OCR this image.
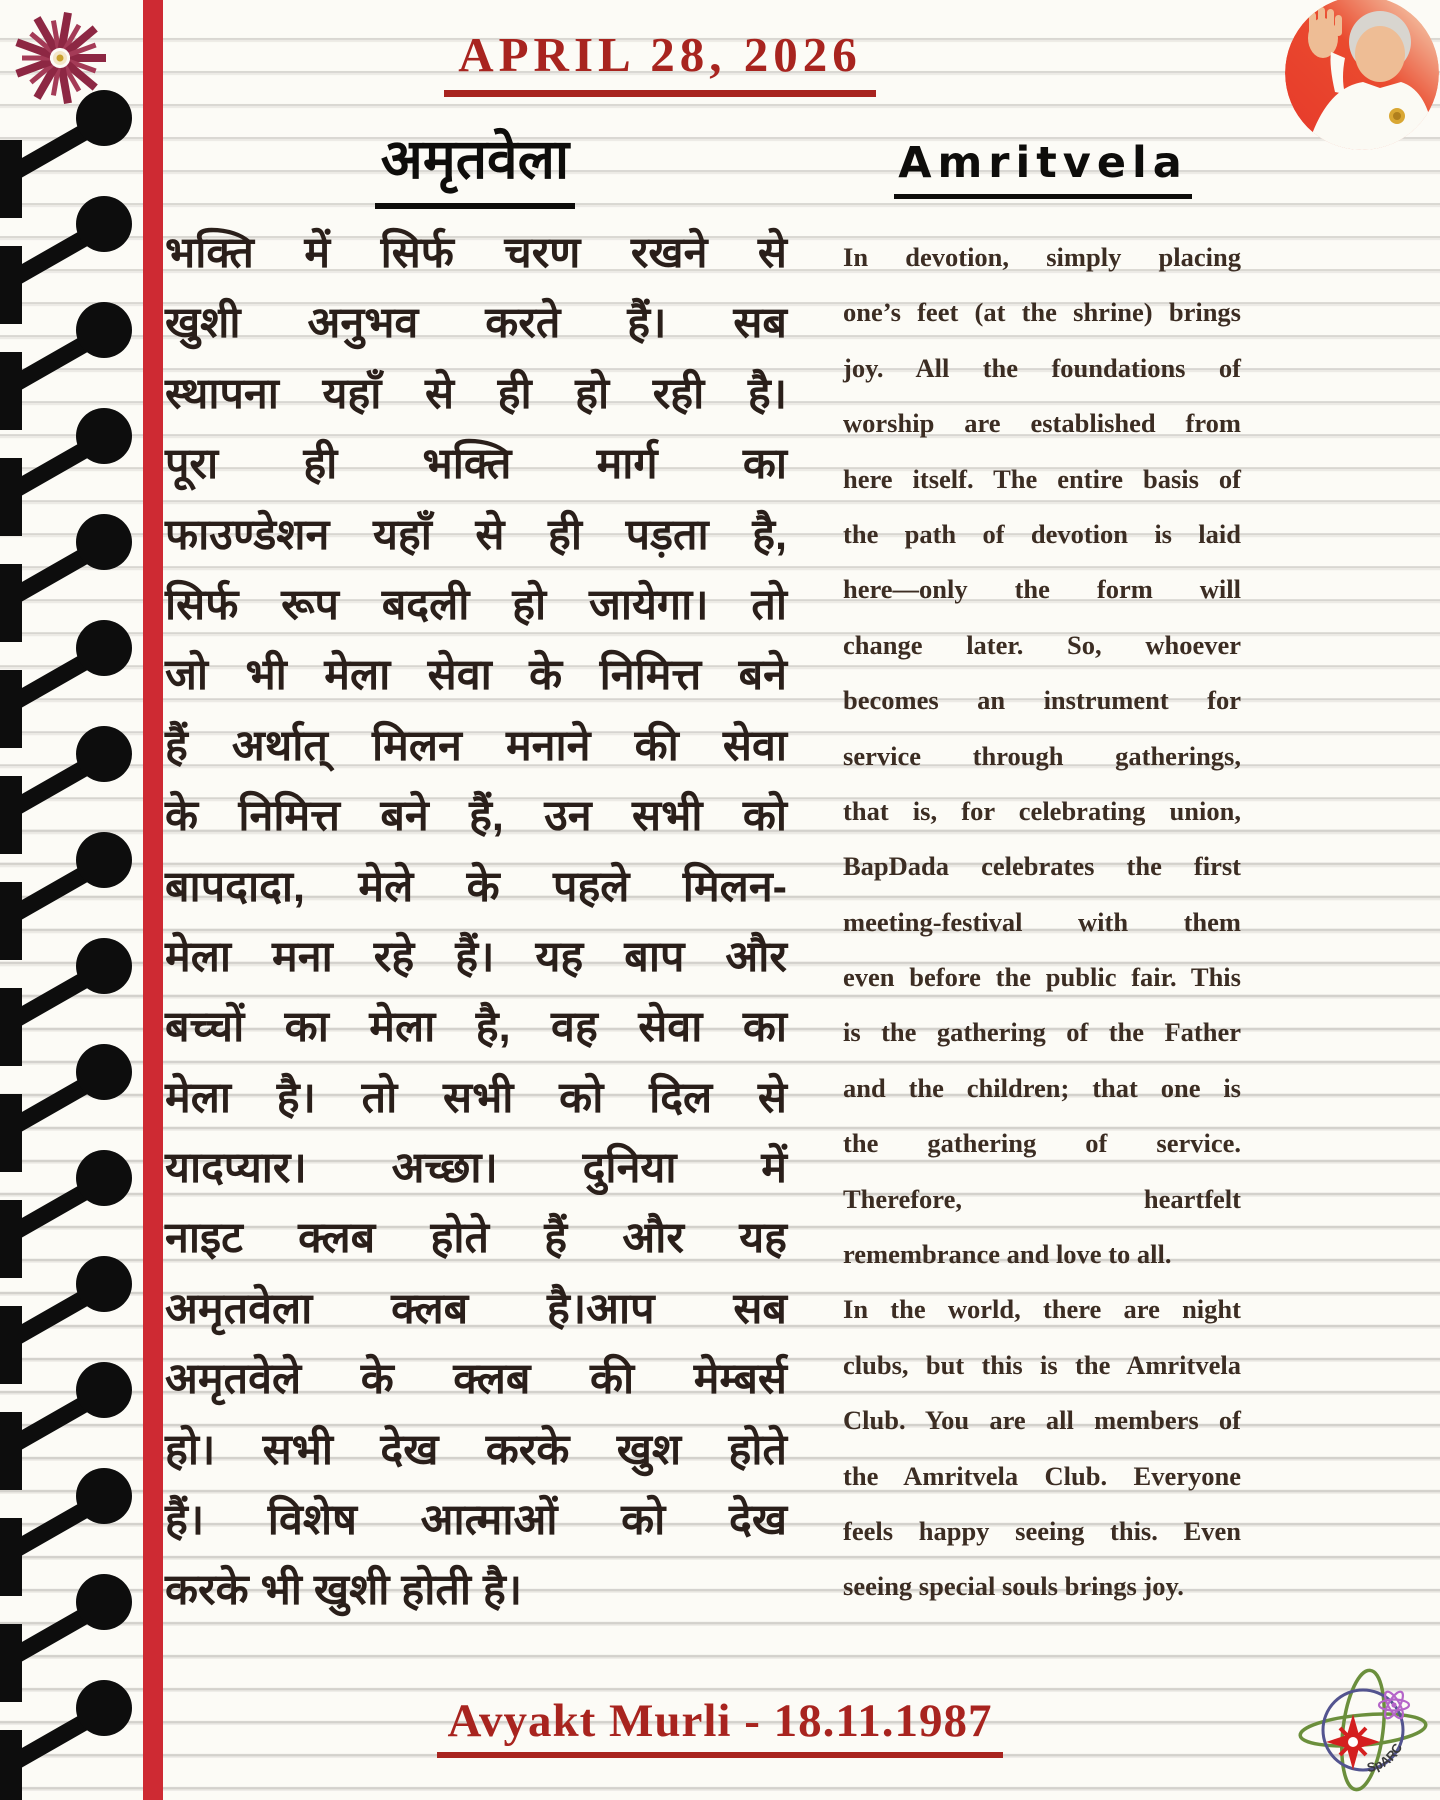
APRIL 28, 2026
अमृतवेला
भक्ति में सिर्फ चरण रखने से
खुशी अनुभव करते हैं। सब
स्थापना यहाँ से ही हो रही है।
पूरा ही भक्ति मार्ग का
फाउण्डेशन यहाँ से ही पड़ता है,
सिर्फ रूप बदली हो जायेगा। तो
जो भी मेला सेवा के निमित्त बने
हैं अर्थात् मिलन मनाने की सेवा
के निमित्त बने हैं, उन सभी को
बापदादा, मेले के पहले मिलन-
मेला मना रहे हैं। यह बाप और
बच्चों का मेला है, वह सेवा का
मेला है। तो सभी को दिल से
यादप्यार। अच्छा। दुनिया में
नाइट क्लब होते हैं और यह
अमृतवेला क्लब है।आप सब
अमृतवेले के क्लब की मेम्बर्स
हो। सभी देख करके खुश होते
हैं। विशेष आत्माओं को देख
करके भी खुशी होती है।
Amritvela
In devotion, simply placing
one’s feet (at the shrine) brings
joy. All the foundations of
worship are established from
here itself. The entire basis of
the path of devotion is laid
here—only the form will
change later. So, whoever
becomes an instrument for
service through gatherings,
that is, for celebrating union,
BapDada celebrates the first
meeting-festival with them
even before the public fair. This
is the gathering of the Father
and the children; that one is
the gathering of service.
Therefore, heartfelt
remembrance and love to all.
In the world, there are night
clubs, but this is the Amritvela
Club. You are all members of
the Amritvela Club. Everyone
feels happy seeing this. Even
seeing special souls brings joy.
Avyakt Murli - 18.11.1987
SpARC
